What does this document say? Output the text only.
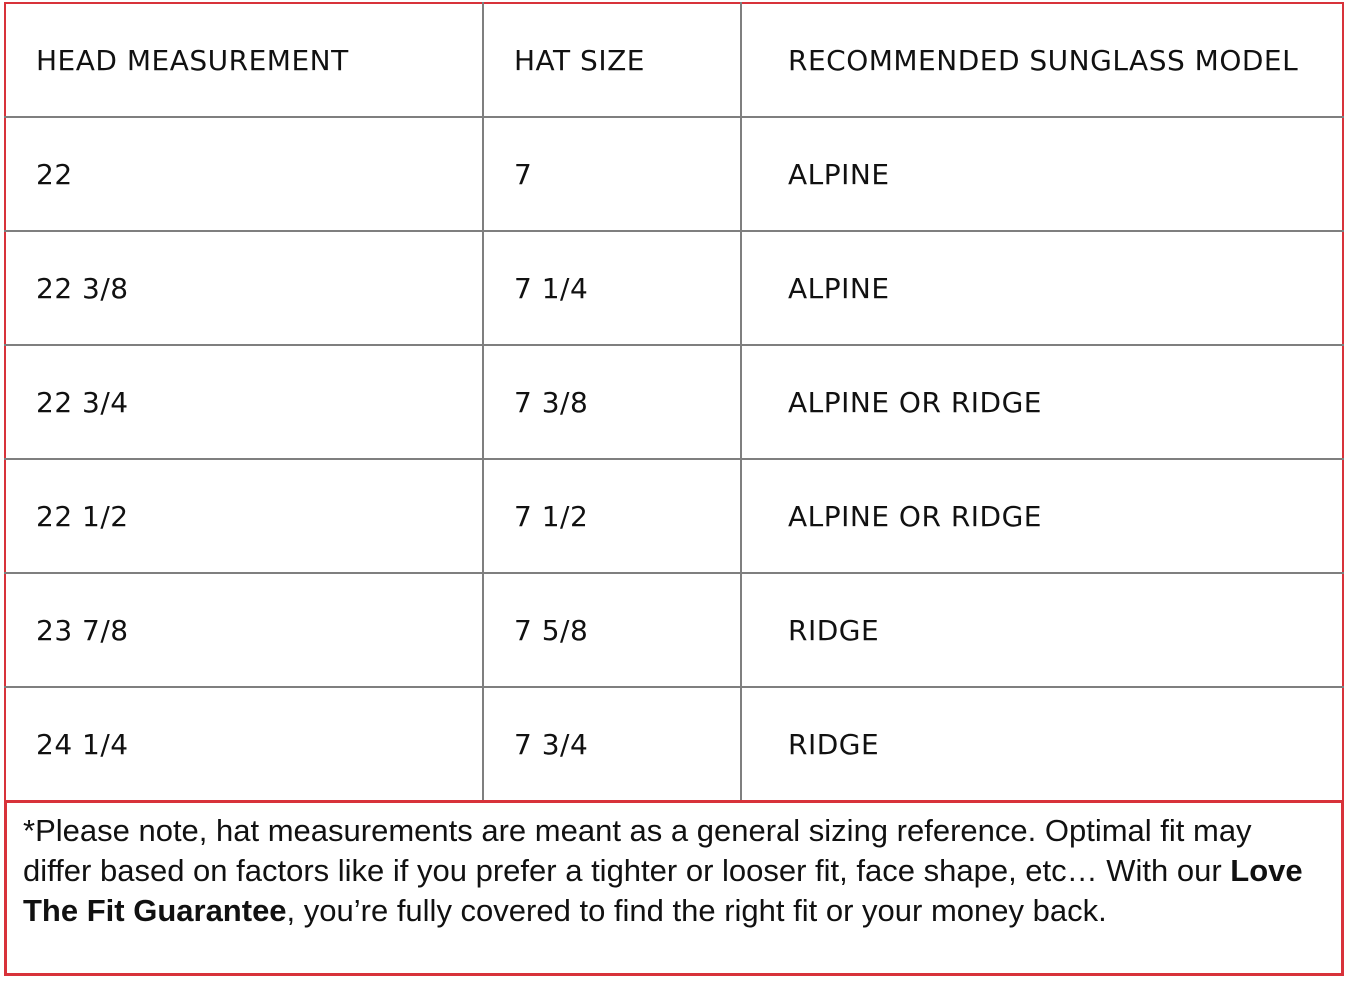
HEAD MEASUREMENT	HAT SIZE	RECOMMENDED SUNGLASS MODEL
22	7	ALPINE
22 3/8	7 1/4	ALPINE
22 3/4	7 3/8	ALPINE OR RIDGE
22 1/2	7 1/2	ALPINE OR RIDGE
23 7/8	7 5/8	RIDGE
24 1/4	7 3/4	RIDGE
*Please note, hat measurements are meant as a general sizing reference. Optimal fit may differ based on factors like if you prefer a tighter or looser fit, face shape, etc… With our Love The Fit Guarantee, you’re fully covered to find the right fit or your money back.
